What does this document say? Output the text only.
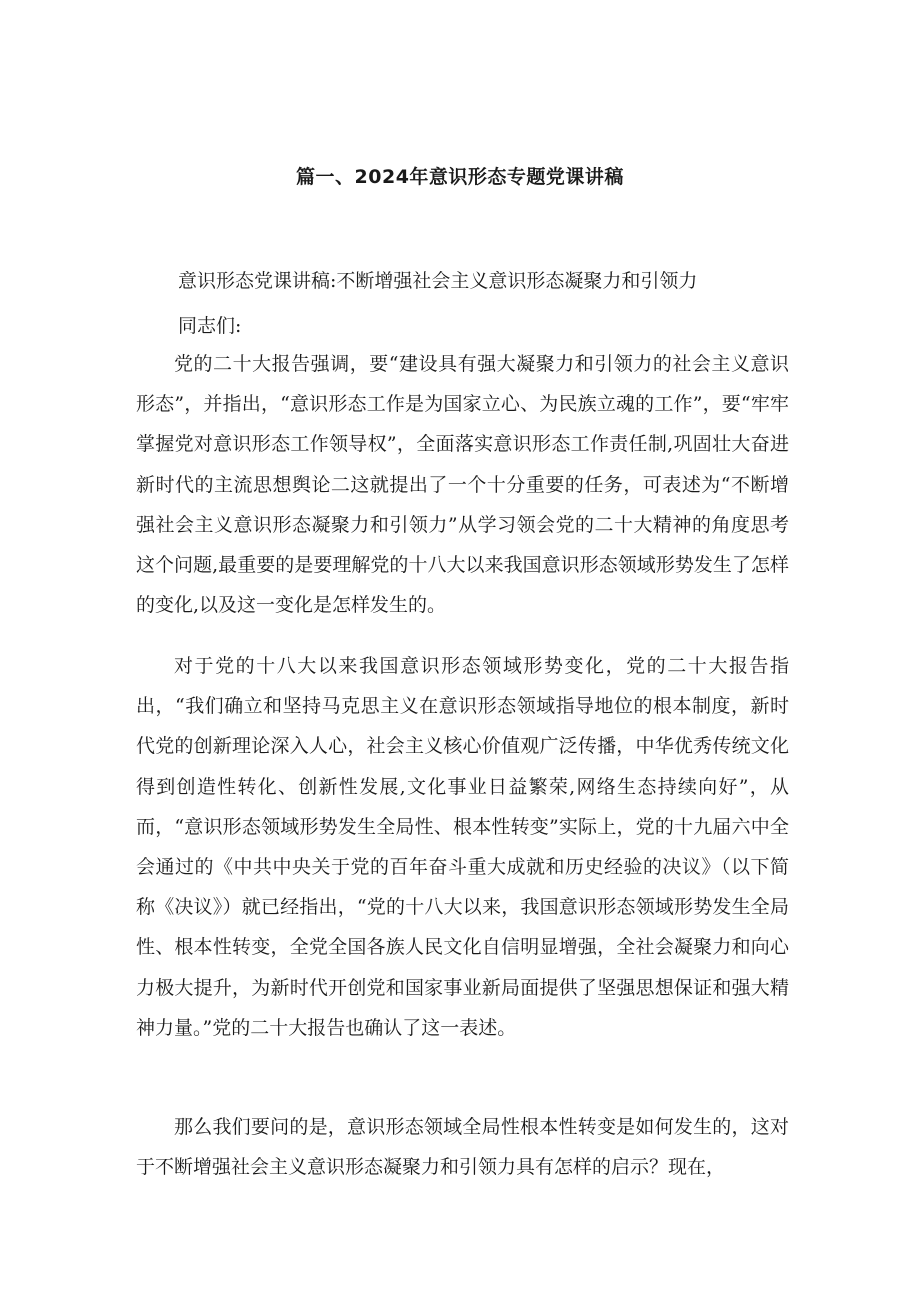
篇一、2024年意识形态专题党课讲稿
意识形态党课讲稿:不断增强社会主义意识形态凝聚力和引领力
同志们:

党的二十大报告强调，要“建设具有强大凝聚力和引领力的社会主义意识形态”，并指出，“意识形态工作是为国家立心、为民族立魂的工作”，要“牢牢掌握党对意识形态工作领导权”，全面落实意识形态工作责任制,巩固壮大奋进新时代的主流思想舆论二这就提出了一个十分重要的任务，可表述为“不断增强社会主义意识形态凝聚力和引领力”从学习领会党的二十大精神的角度思考这个问题,最重要的是要理解党的十八大以来我国意识形态领域形势发生了怎样的变化,以及这一变化是怎样发生的。

对于党的十八大以来我国意识形态领域形势变化，党的二十大报告指出，“我们确立和坚持马克思主义在意识形态领域指导地位的根本制度，新时代党的创新理论深入人心，社会主义核心价值观广泛传播，中华优秀传统文化得到创造性转化、创新性发展,文化事业日益繁荣,网络生态持续向好”，从而，“意识形态领域形势发生全局性、根本性转变”实际上，党的十九届六中全会通过的《中共中央关于党的百年奋斗重大成就和历史经验的决议》（以下简称《决议》）就已经指出，“党的十八大以来，我国意识形态领域形势发生全局性、根本性转变，全党全国各族人民文化自信明显增强，全社会凝聚力和向心力极大提升，为新时代开创党和国家事业新局面提供了坚强思想保证和强大精神力量。”党的二十大报告也确认了这一表述。

那么我们要问的是，意识形态领域全局性根本性转变是如何发生的，这对于不断增强社会主义意识形态凝聚力和引领力具有怎样的启示？现在，
